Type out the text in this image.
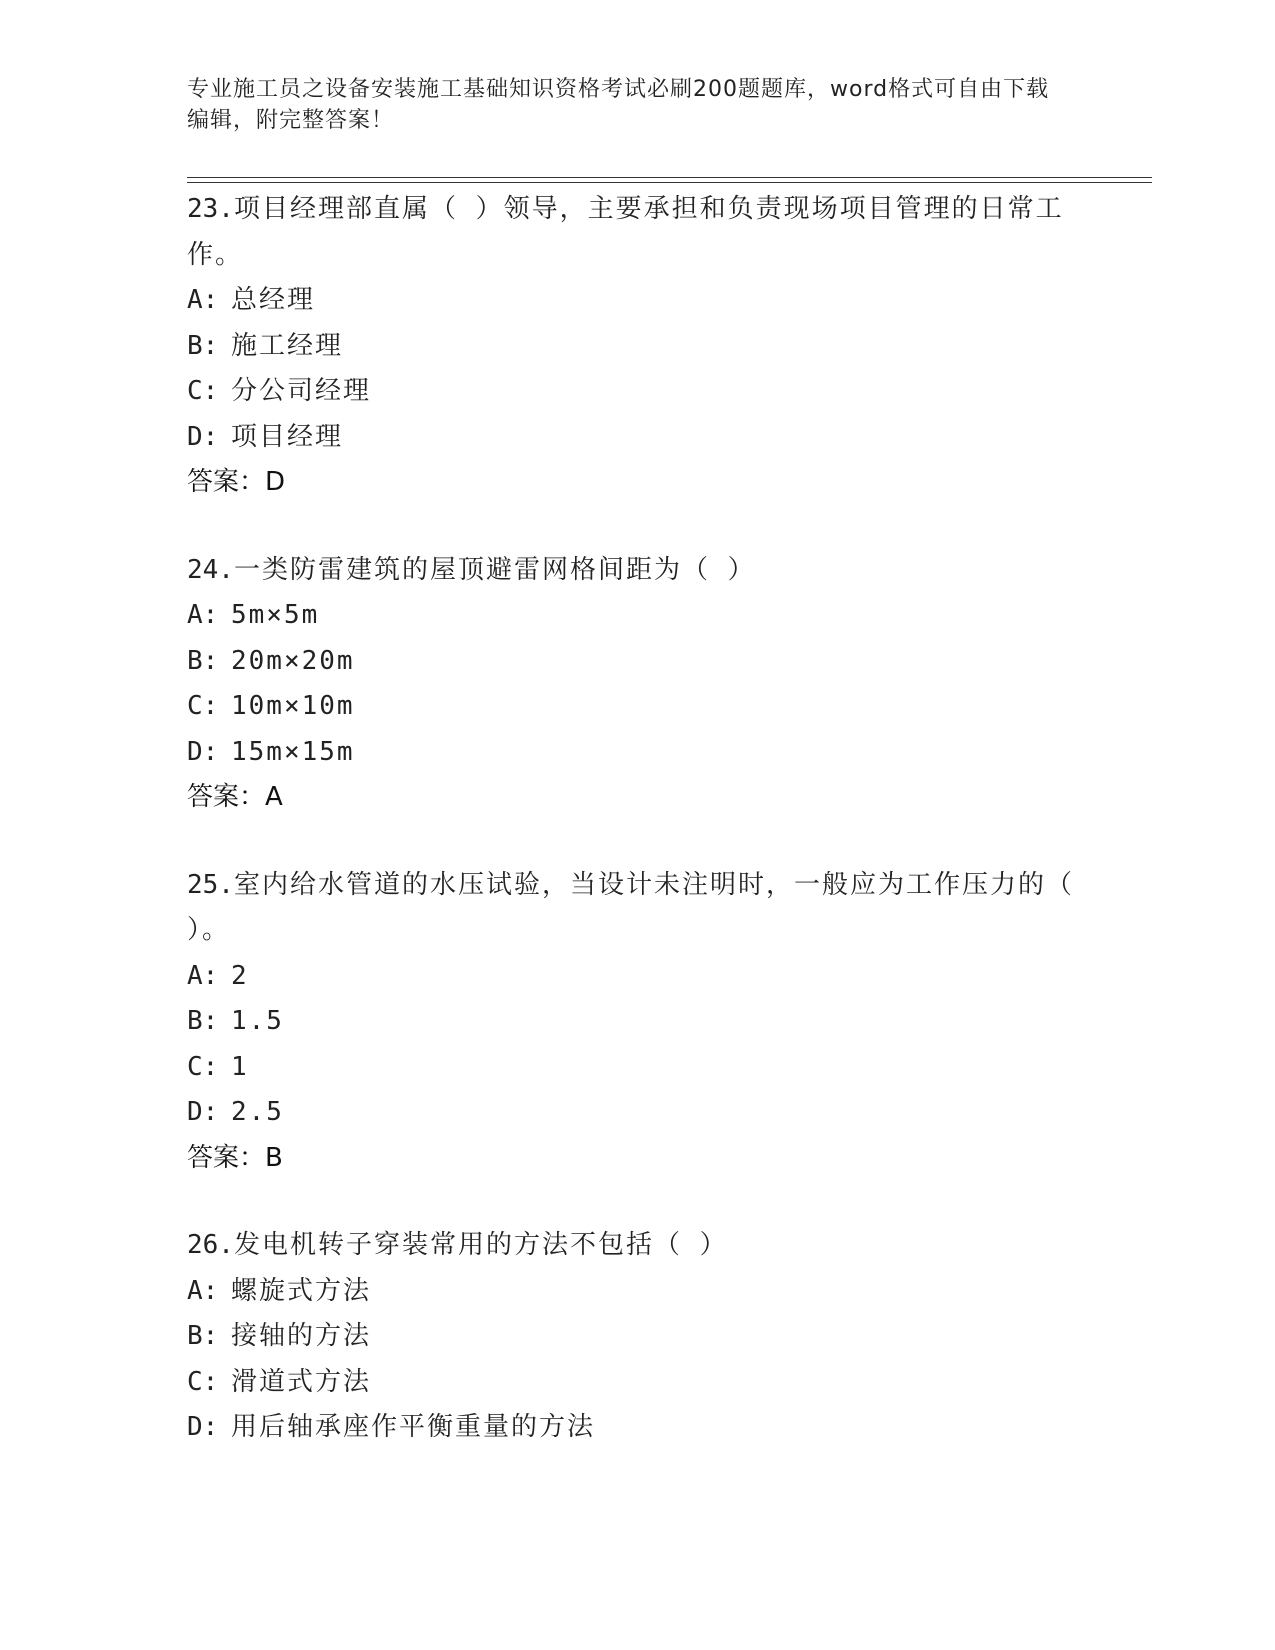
专业施工员之设备安装施工基础知识资格考试必刷200题题库，word格式可自由下载编辑，附完整答案！
23.项目经理部直属（ ）领导，主要承担和负责现场项目管理的日常工作。
A: 总经理
B: 施工经理
C: 分公司经理
D: 项目经理
答案：D
24.一类防雷建筑的屋顶避雷网格间距为（ ）
A: 5m×5m
B: 20m×20m
C: 10m×10m
D: 15m×15m
答案：A
25.室内给水管道的水压试验，当设计未注明时，一般应为工作压力的（ ）。
A: 2
B: 1.5
C: 1
D: 2.5
答案：B
26.发电机转子穿装常用的方法不包括（ ）
A: 螺旋式方法
B: 接轴的方法
C: 滑道式方法
D: 用后轴承座作平衡重量的方法
